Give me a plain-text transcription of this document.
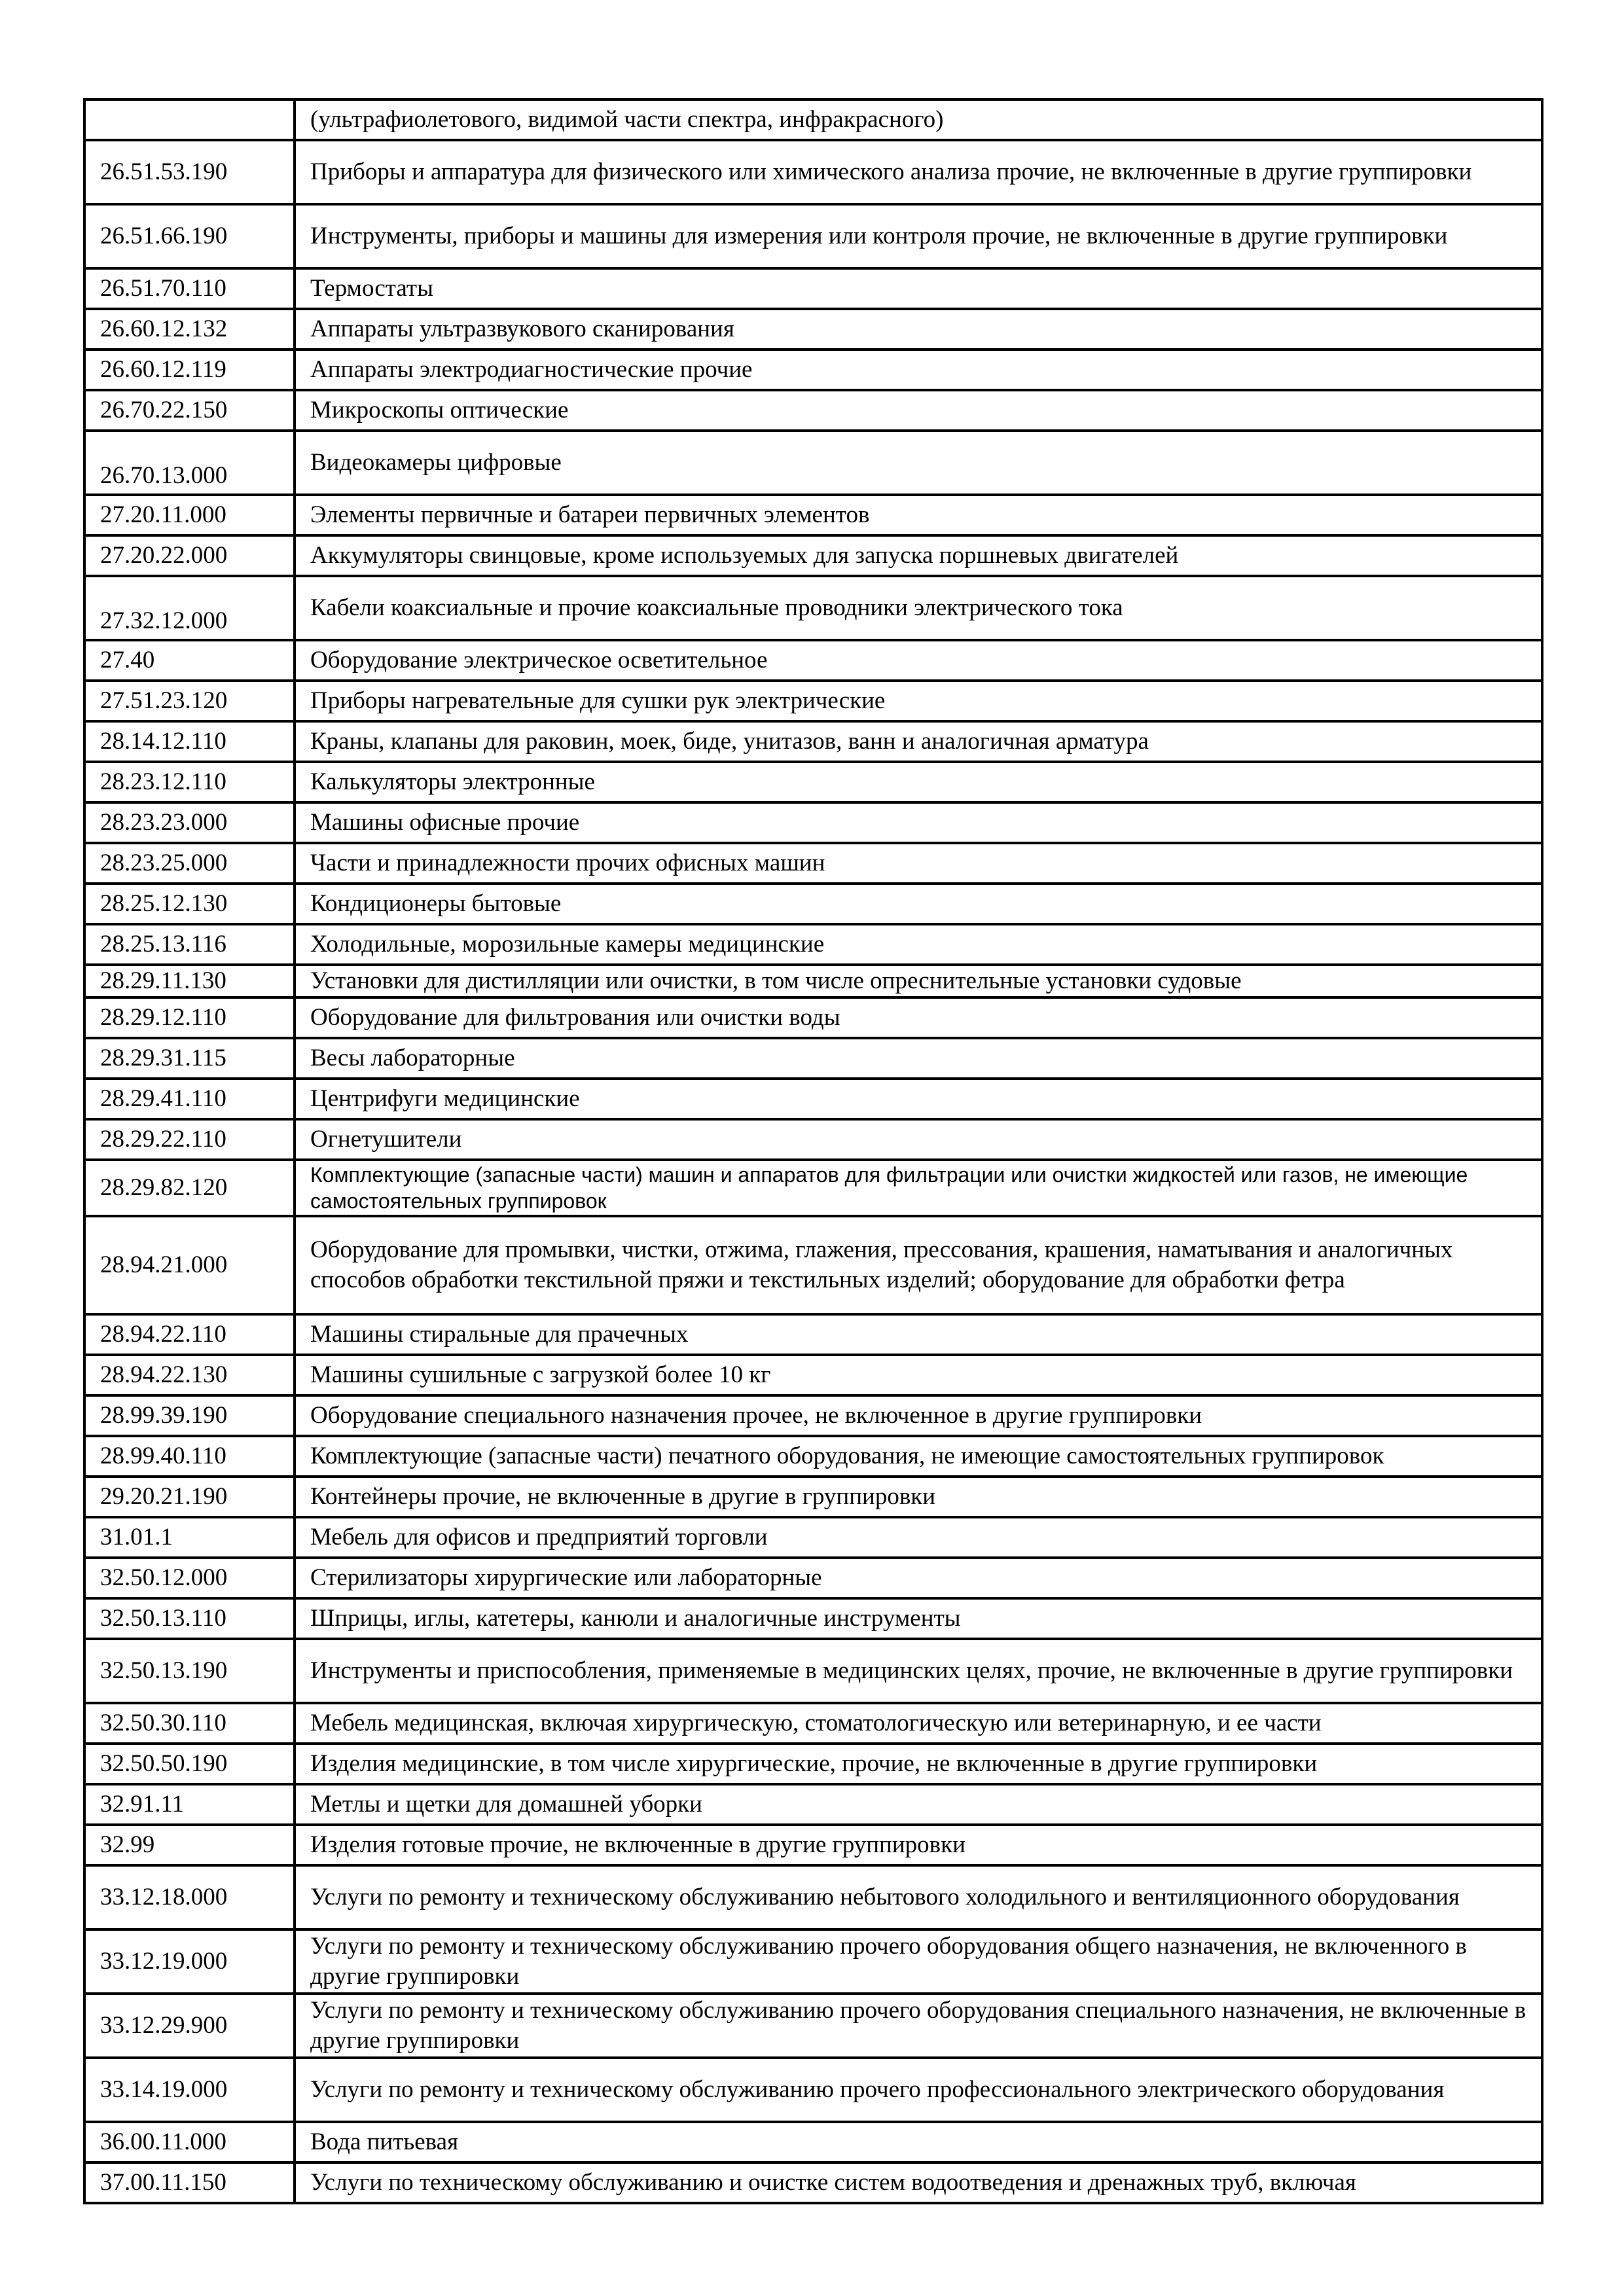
	(ультрафиолетового, видимой части спектра, инфракрасного)
26.51.53.190	Приборы и аппаратура для физического или химического анализа прочие, не включенные в другие группировки
26.51.66.190	Инструменты, приборы и машины для измерения или контроля прочие, не включенные в другие группировки
26.51.70.110	Термостаты
26.60.12.132	Аппараты ультразвукового сканирования
26.60.12.119	Аппараты электродиагностические прочие
26.70.22.150	Микроскопы оптические
26.70.13.000	Видеокамеры цифровые
27.20.11.000	Элементы первичные и батареи первичных элементов
27.20.22.000	Аккумуляторы свинцовые, кроме используемых для запуска поршневых двигателей
27.32.12.000	Кабели коаксиальные и прочие коаксиальные проводники электрического тока
27.40	Оборудование электрическое осветительное
27.51.23.120	Приборы нагревательные для сушки рук электрические
28.14.12.110	Краны, клапаны для раковин, моек, биде, унитазов, ванн и аналогичная арматура
28.23.12.110	Калькуляторы электронные
28.23.23.000	Машины офисные прочие
28.23.25.000	Части и принадлежности прочих офисных машин
28.25.12.130	Кондиционеры бытовые
28.25.13.116	Холодильные, морозильные камеры медицинские
28.29.11.130	Установки для дистилляции или очистки, в том числе опреснительные установки судовые
28.29.12.110	Оборудование для фильтрования или очистки воды
28.29.31.115	Весы лабораторные
28.29.41.110	Центрифуги медицинские
28.29.22.110	Огнетушители
28.29.82.120	Комплектующие (запасные части) машин и аппаратов для фильтрации или очистки жидкостей или газов, не имеющие самостоятельных группировок
28.94.21.000	Оборудование для промывки, чистки, отжима, глажения, прессования, крашения, наматывания и аналогичных способов обработки текстильной пряжи и текстильных изделий; оборудование для обработки фетра
28.94.22.110	Машины стиральные для прачечных
28.94.22.130	Машины сушильные с загрузкой более 10 кг
28.99.39.190	Оборудование специального назначения прочее, не включенное в другие группировки
28.99.40.110	Комплектующие (запасные части) печатного оборудования, не имеющие самостоятельных группировок
29.20.21.190	Контейнеры прочие, не включенные в другие в группировки
31.01.1	Мебель для офисов и предприятий торговли
32.50.12.000	Стерилизаторы хирургические или лабораторные
32.50.13.110	Шприцы, иглы, катетеры, канюли и аналогичные инструменты
32.50.13.190	Инструменты и приспособления, применяемые в медицинских целях, прочие, не включенные в другие группировки
32.50.30.110	Мебель медицинская, включая хирургическую, стоматологическую или ветеринарную, и ее части
32.50.50.190	Изделия медицинские, в том числе хирургические, прочие, не включенные в другие группировки
32.91.11	Метлы и щетки для домашней уборки
32.99	Изделия готовые прочие, не включенные в другие группировки
33.12.18.000	Услуги по ремонту и техническому обслуживанию небытового холодильного и вентиляционного оборудования
33.12.19.000	Услуги по ремонту и техническому обслуживанию прочего оборудования общего назначения, не включенного в другие группировки
33.12.29.900	Услуги по ремонту и техническому обслуживанию прочего оборудования специального назначения, не включенные в другие группировки
33.14.19.000	Услуги по ремонту и техническому обслуживанию прочего профессионального электрического оборудования
36.00.11.000	Вода питьевая
37.00.11.150	Услуги по техническому обслуживанию и очистке систем водоотведения и дренажных труб, включая
